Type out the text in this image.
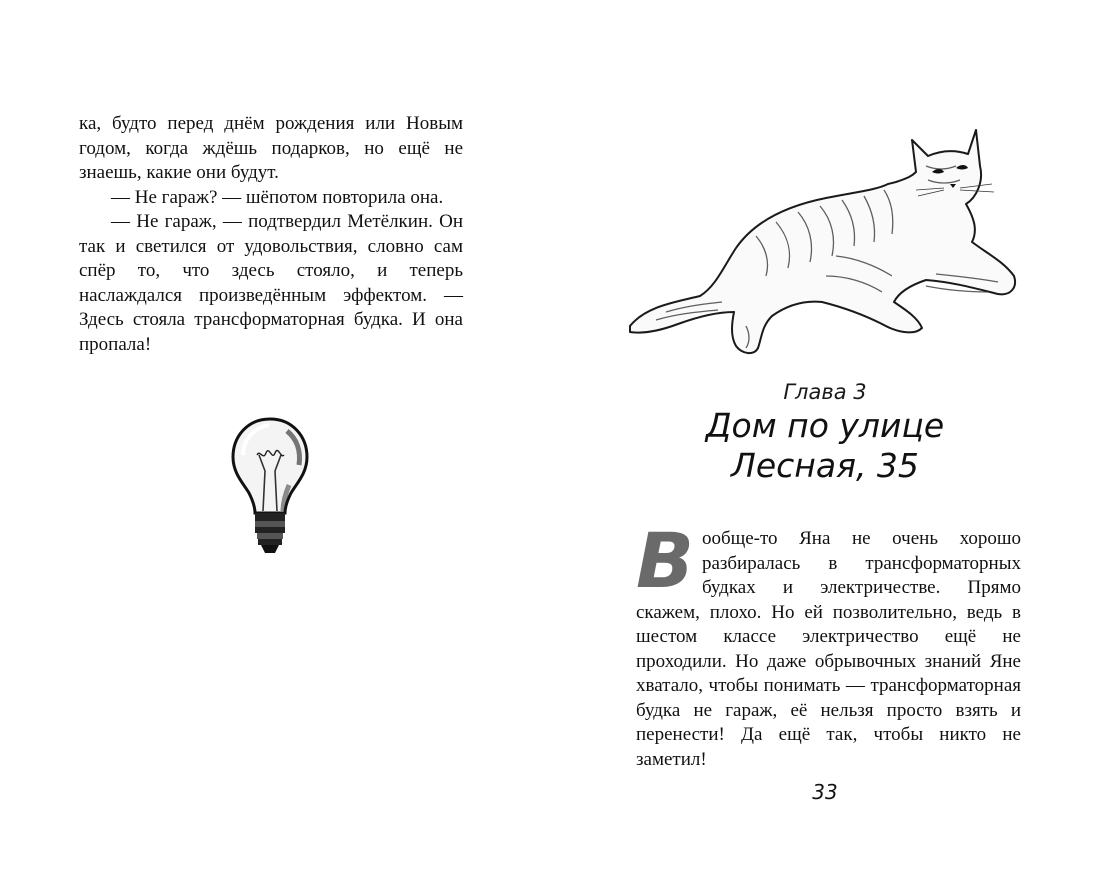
ка, будто перед днём рождения или Новым годом, когда ждёшь подарков, но ещё не знаешь, какие они будут.

— Не гараж? — шёпотом повторила она.

— Не гараж, — подтвердил Метёлкин. Он так и светился от удовольствия, словно сам спёр то, что здесь стояло, и теперь наслаждался произведённым эффектом. — Здесь стояла трансформаторная будка. И она пропала!

Глава 3
Дом по улице
Лесная, 35
В ообще-то Яна не очень хорошо разбиралась в трансформаторных будках и электричестве. Прямо скажем, плохо. Но ей позволительно, ведь в шестом классе электричество ещё не проходили. Но даже обрывочных знаний Яне хватало, чтобы понимать — трансформаторная будка не гараж, её нельзя просто взять и перенести! Да ещё так, чтобы никто не заметил!
33
